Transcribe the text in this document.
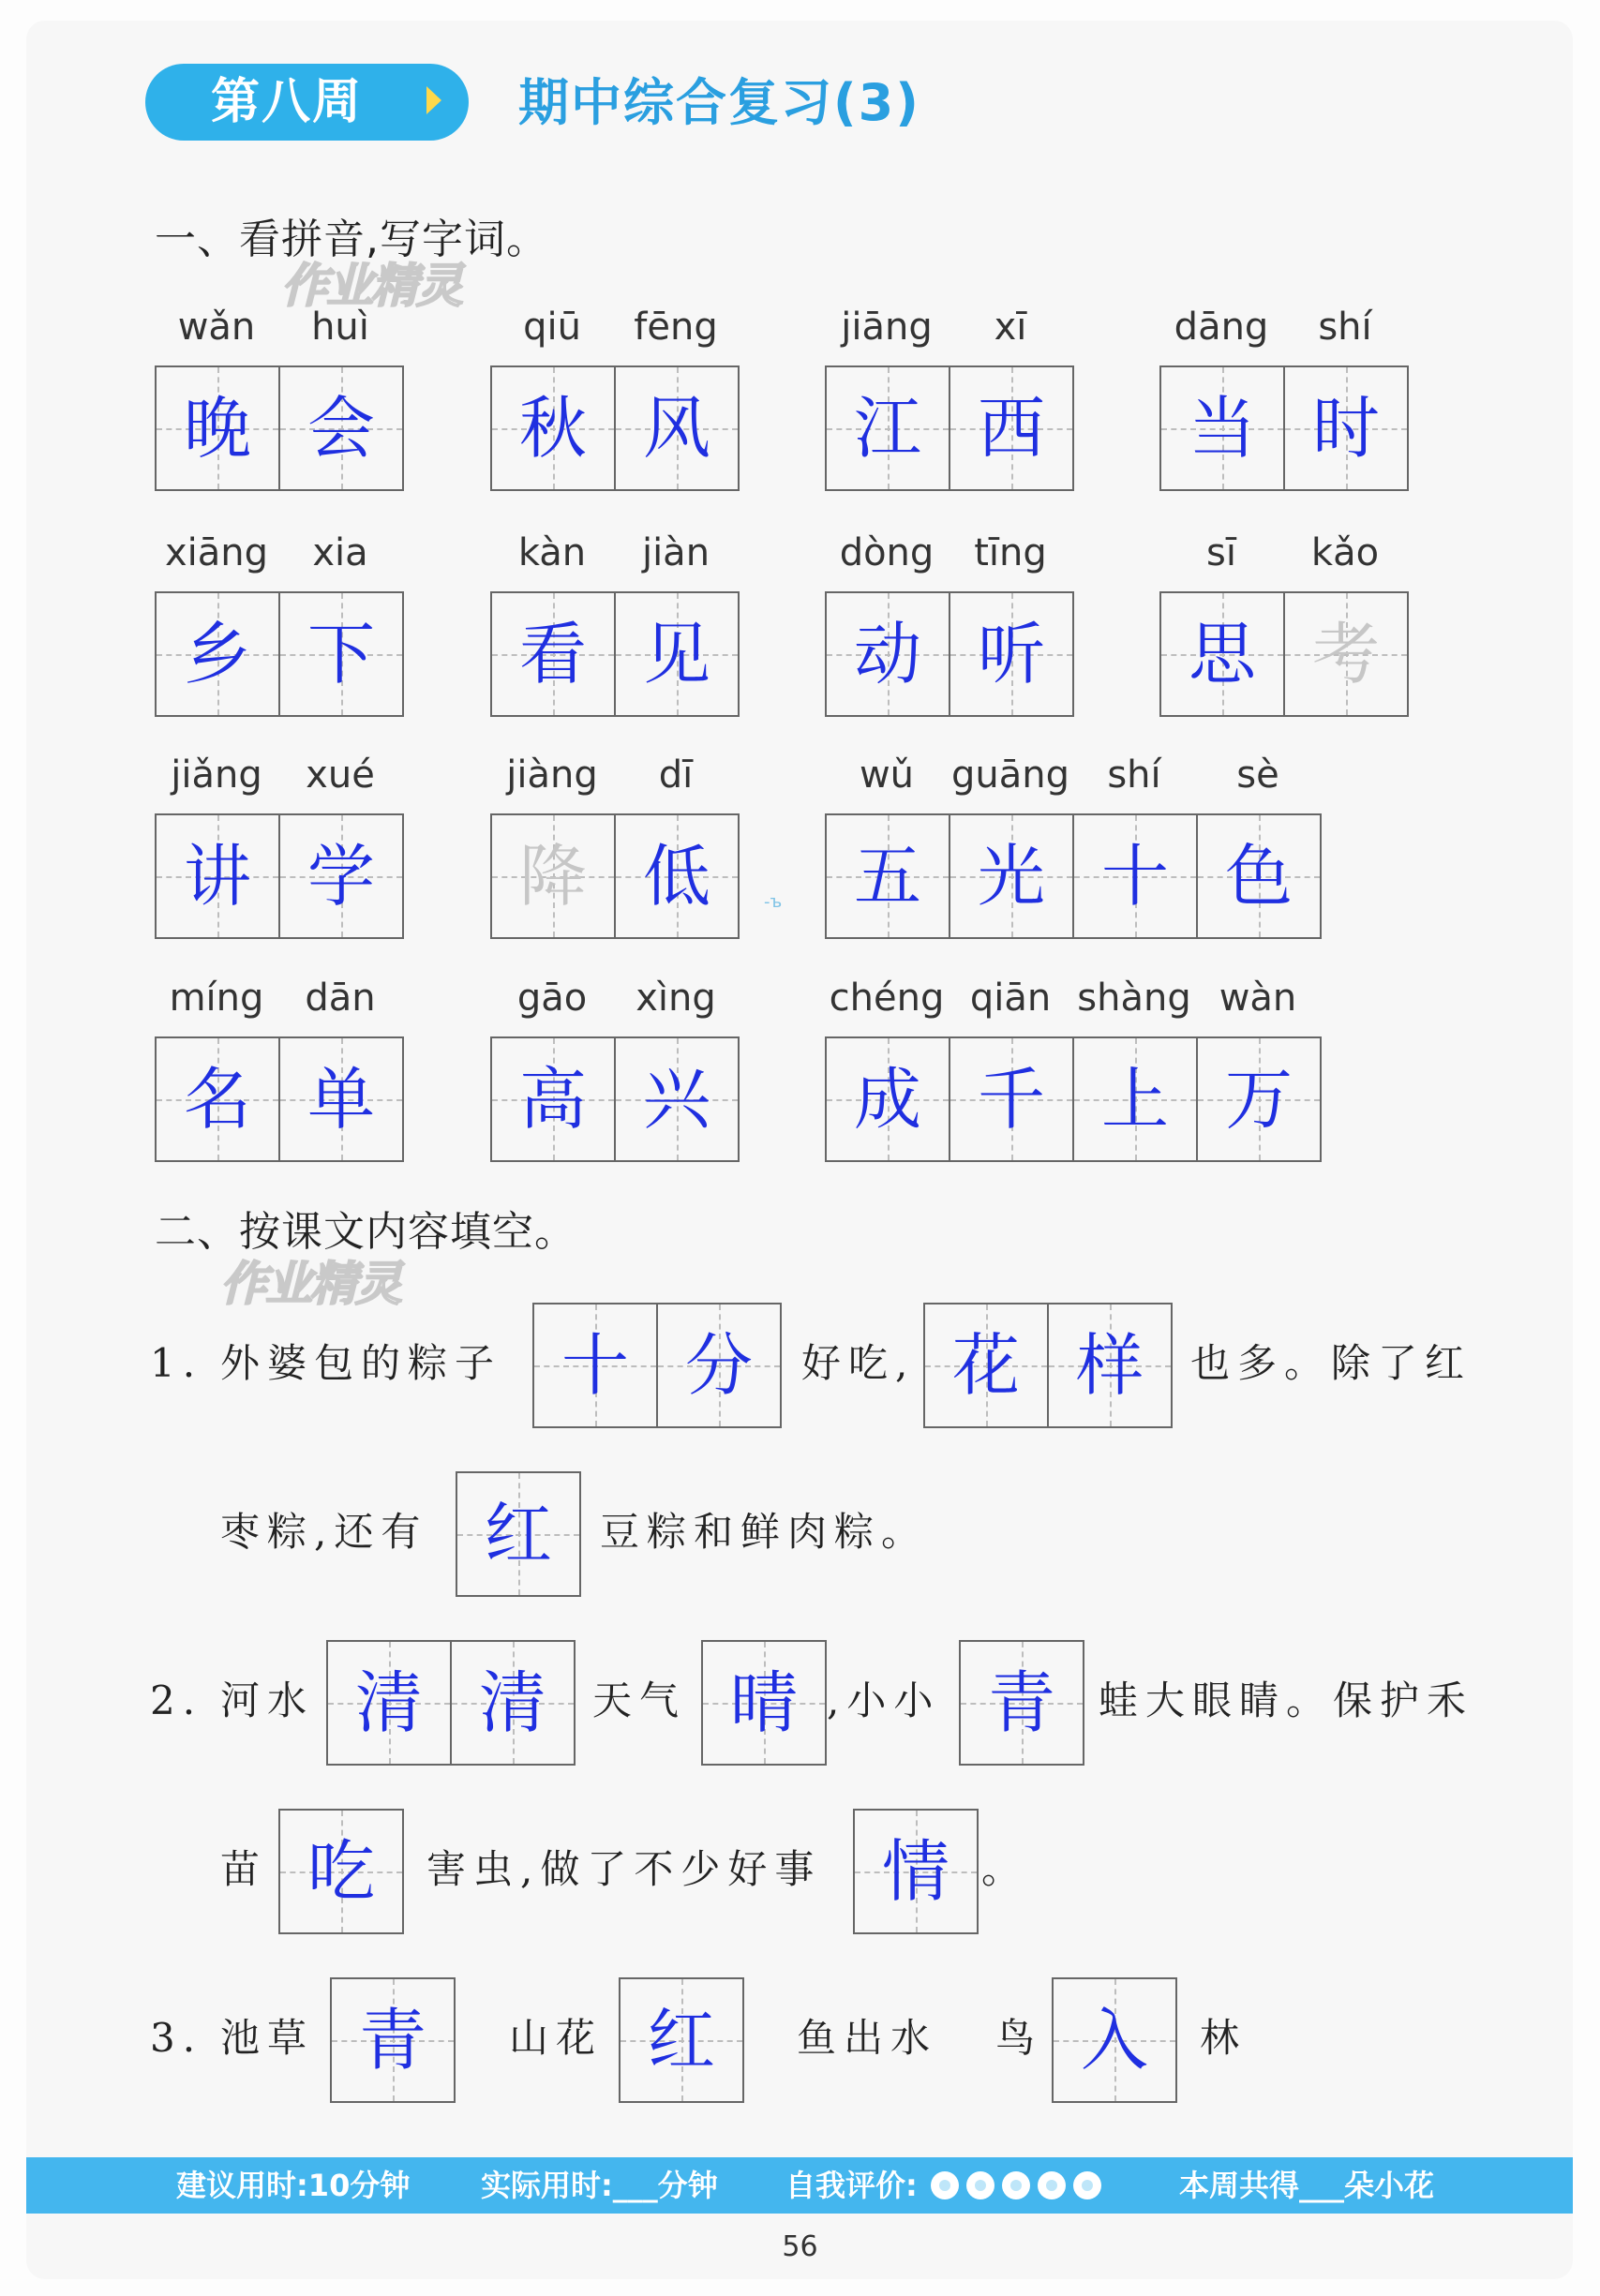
第八周	期中综合复习(3)
一、看拼音,写字词。
作业精灵
wǎn	huì
晚 会
qiū	fēng
秋 风
jiāng	xī
江 西
dāng	shí
当 时
xiāng	xia
乡 下
kàn	jiàn
看 见
dòng	tīng
动 听
sī	kǎo
思 考
jiǎng	xué
讲 学
jiàng	dī
降 低
wǔ guāng	shí	sè
五 光 十 色
míng	dān
名 单
gāo	xìng
高 兴
chéng qiān shàng wàn
成 千 上 万
-ъ
二、按课文内容填空。
作业精灵
1. 外婆包的粽子 十 分	好吃, 花 样	也多。除了红
枣粽,还有 红	豆粽和鲜肉粽。
2. 河水 清 清	天气 晴 ,小小 青	蛙大眼睛。保护禾
苗 吃	害虫,做了不少好事 情 。
3. 池草 青	山花 红	鱼出水 鸟 入	林
建议用时:10分钟 实际用时:___分钟 自我评价:	本周共得___朵小花
56
